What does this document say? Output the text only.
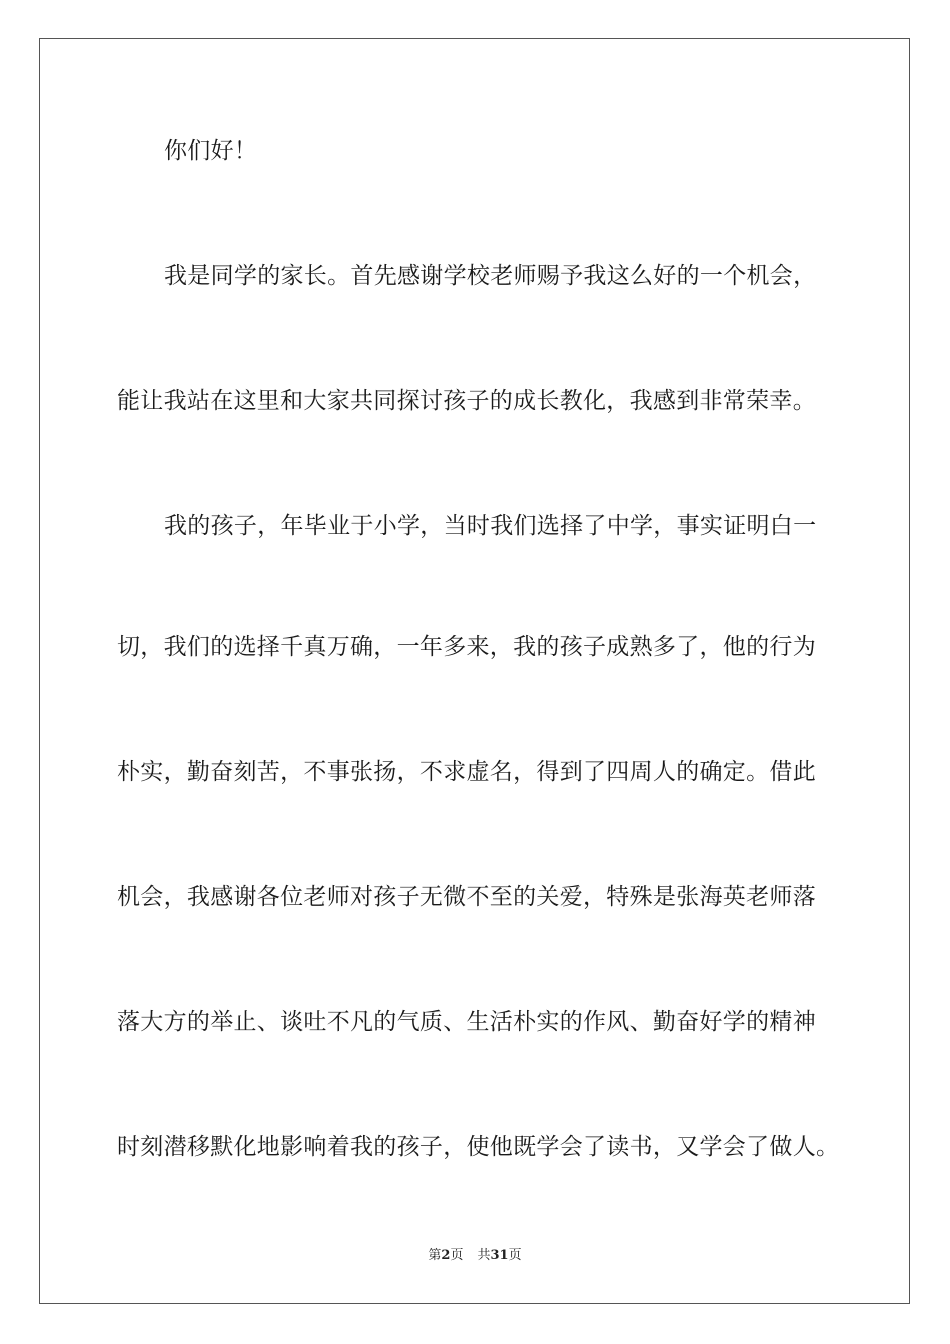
你们好！
我是同学的家长。首先感谢学校老师赐予我这么好的一个机会，
能让我站在这里和大家共同探讨孩子的成长教化，我感到非常荣幸。
我的孩子，年毕业于小学，当时我们选择了中学，事实证明白一
切，我们的选择千真万确，一年多来，我的孩子成熟多了，他的行为
朴实，勤奋刻苦，不事张扬，不求虚名，得到了四周人的确定。借此
机会，我感谢各位老师对孩子无微不至的关爱，特殊是张海英老师落
落大方的举止、谈吐不凡的气质、生活朴实的作风、勤奋好学的精神
时刻潜移默化地影响着我的孩子，使他既学会了读书，又学会了做人。
第2页 共31页
